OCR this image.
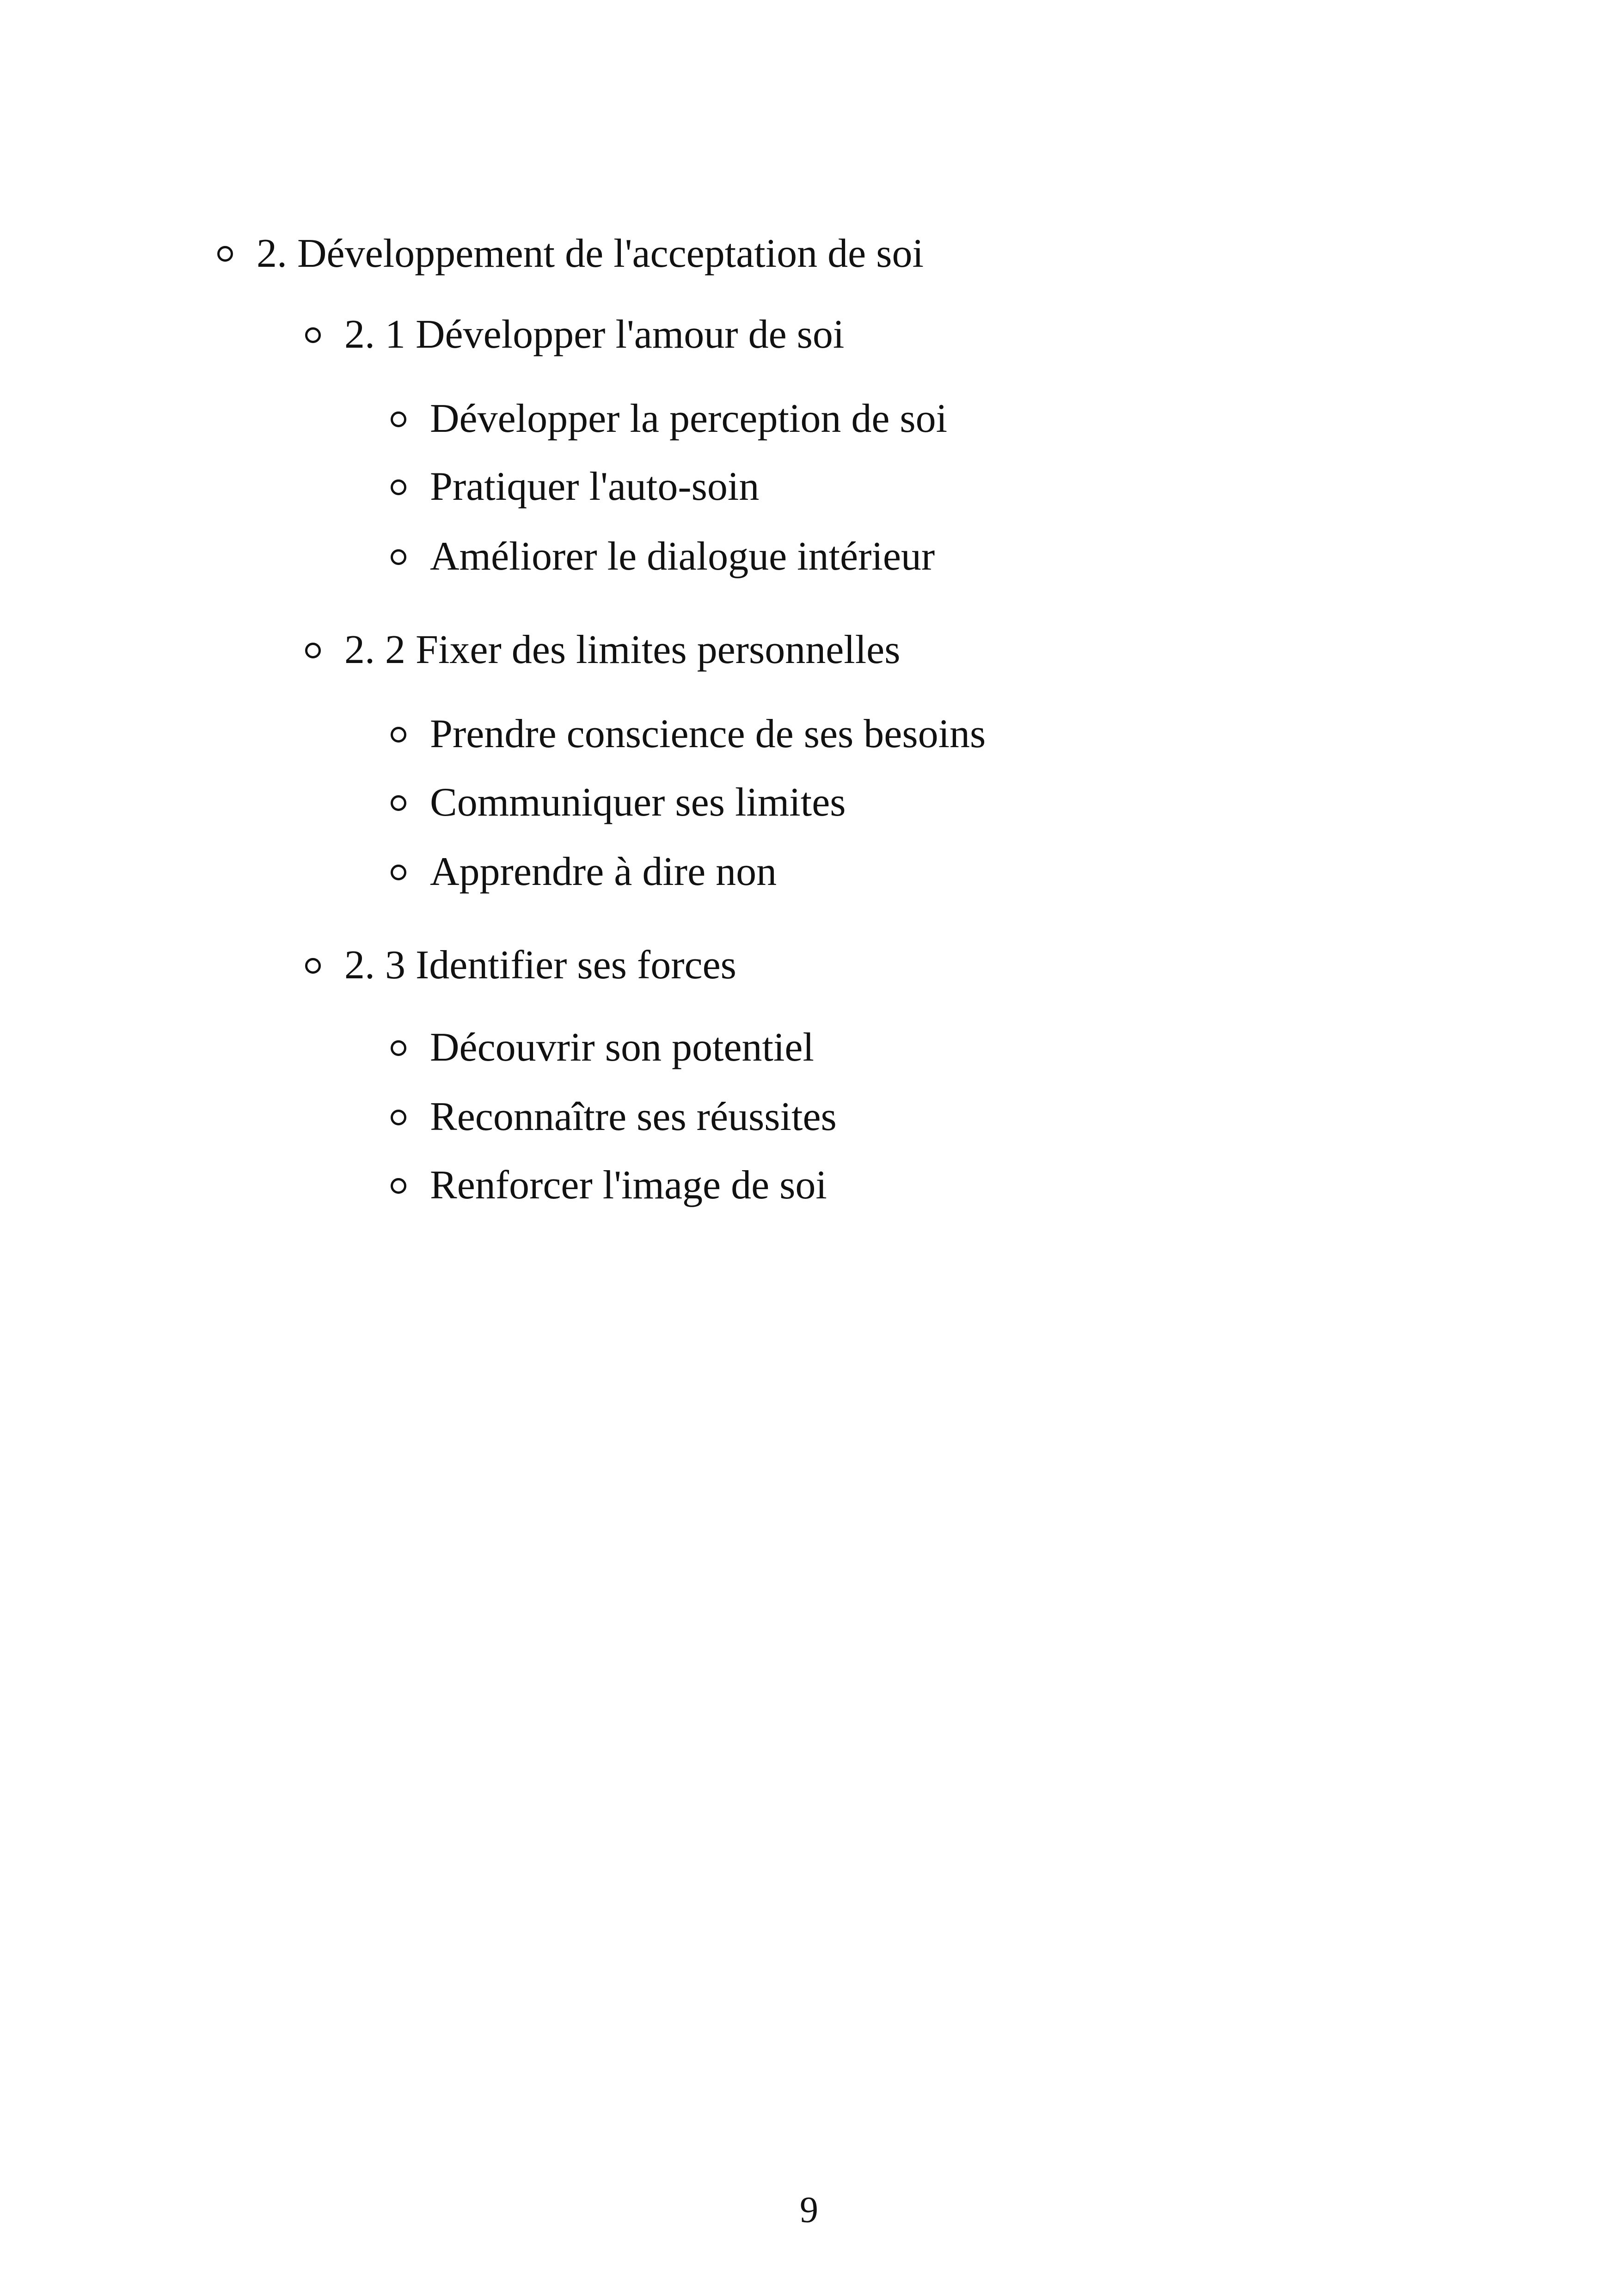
2. Développement de l'acceptation de soi
2. 1 Développer l'amour de soi
Développer la perception de soi
Pratiquer l'auto-soin
Améliorer le dialogue intérieur
2. 2 Fixer des limites personnelles
Prendre conscience de ses besoins
Communiquer ses limites
Apprendre à dire non
2. 3 Identifier ses forces
Découvrir son potentiel
Reconnaître ses réussites
Renforcer l'image de soi
9
